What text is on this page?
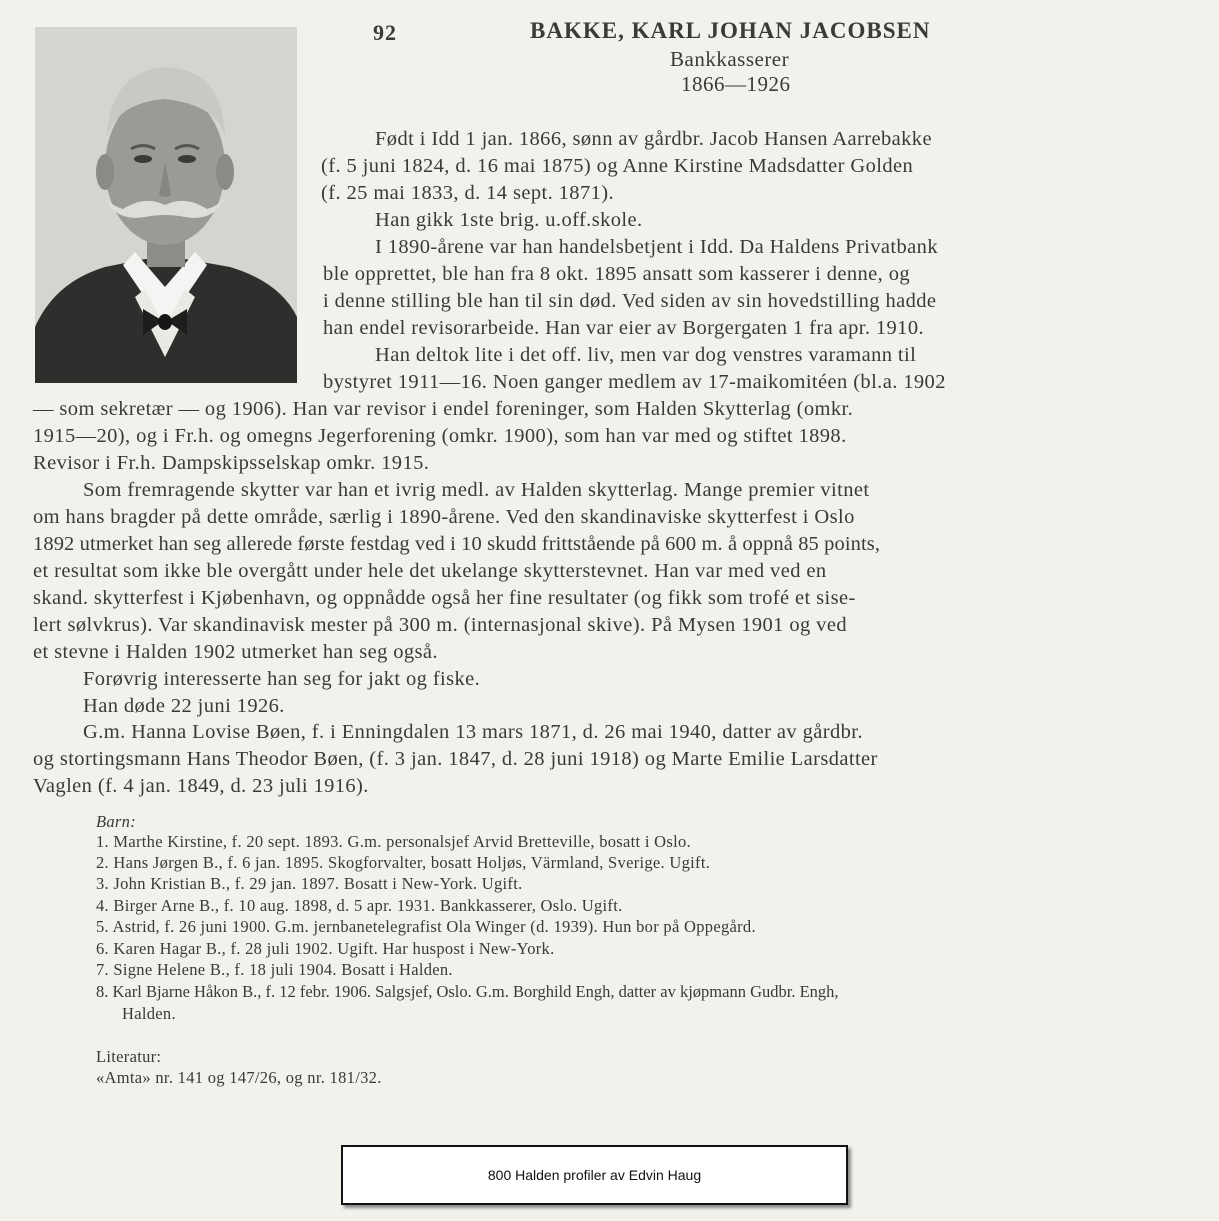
92	BAKKE, KARL JOHAN JACOBSEN
Bankkasserer
1866—1926
Født i Idd 1 jan. 1866, sønn av gårdbr. Jacob Hansen Aarrebakke
(f. 5 juni 1824, d. 16 mai 1875) og Anne Kirstine Madsdatter Golden
(f. 25 mai 1833, d. 14 sept. 1871).
Han gikk 1ste brig. u.off.skole.
I 1890-årene var han handelsbetjent i Idd. Da Haldens Privatbank
ble opprettet, ble han fra 8 okt. 1895 ansatt som kasserer i denne, og
i denne stilling ble han til sin død. Ved siden av sin hovedstilling hadde
han endel revisorarbeide. Han var eier av Borgergaten 1 fra apr. 1910.
Han deltok lite i det off. liv, men var dog venstres varamann til
bystyret 1911—16. Noen ganger medlem av 17-maikomitéen (bl.a. 1902
— som sekretær — og 1906). Han var revisor i endel foreninger, som Halden Skytterlag (omkr.
1915—20), og i Fr.h. og omegns Jegerforening (omkr. 1900), som han var med og stiftet 1898.
Revisor i Fr.h. Dampskipsselskap omkr. 1915.
Som fremragende skytter var han et ivrig medl. av Halden skytterlag. Mange premier vitnet
om hans bragder på dette område, særlig i 1890-årene. Ved den skandinaviske skytterfest i Oslo
1892 utmerket han seg allerede første festdag ved i 10 skudd frittstående på 600 m. å oppnå 85 points,
et resultat som ikke ble overgått under hele det ukelange skytterstevnet. Han var med ved en
skand. skytterfest i Kjøbenhavn, og oppnådde også her fine resultater (og fikk som trofé et sise-
lert sølvkrus). Var skandinavisk mester på 300 m. (internasjonal skive). På Mysen 1901 og ved
et stevne i Halden 1902 utmerket han seg også.
Forøvrig interesserte han seg for jakt og fiske.
Han døde 22 juni 1926.
G.m. Hanna Lovise Bøen, f. i Enningdalen 13 mars 1871, d. 26 mai 1940, datter av gårdbr.
og stortingsmann Hans Theodor Bøen, (f. 3 jan. 1847, d. 28 juni 1918) og Marte Emilie Larsdatter
Vaglen (f. 4 jan. 1849, d. 23 juli 1916).
Barn:
1. Marthe Kirstine, f. 20 sept. 1893. G.m. personalsjef Arvid Bretteville, bosatt i Oslo.
2. Hans Jørgen B., f. 6 jan. 1895. Skogforvalter, bosatt Holjøs, Värmland, Sverige. Ugift.
3. John Kristian B., f. 29 jan. 1897. Bosatt i New-York. Ugift.
4. Birger Arne B., f. 10 aug. 1898, d. 5 apr. 1931. Bankkasserer, Oslo. Ugift.
5. Astrid, f. 26 juni 1900. G.m. jernbanetelegrafist Ola Winger (d. 1939). Hun bor på Oppegård.
6. Karen Hagar B., f. 28 juli 1902. Ugift. Har huspost i New-York.
7. Signe Helene B., f. 18 juli 1904. Bosatt i Halden.
8. Karl Bjarne Håkon B., f. 12 febr. 1906. Salgsjef, Oslo. G.m. Borghild Engh, datter av kjøpmann Gudbr. Engh,
Halden.
Literatur:
«Amta» nr. 141 og 147/26, og nr. 181/32.
800 Halden profiler av Edvin Haug
